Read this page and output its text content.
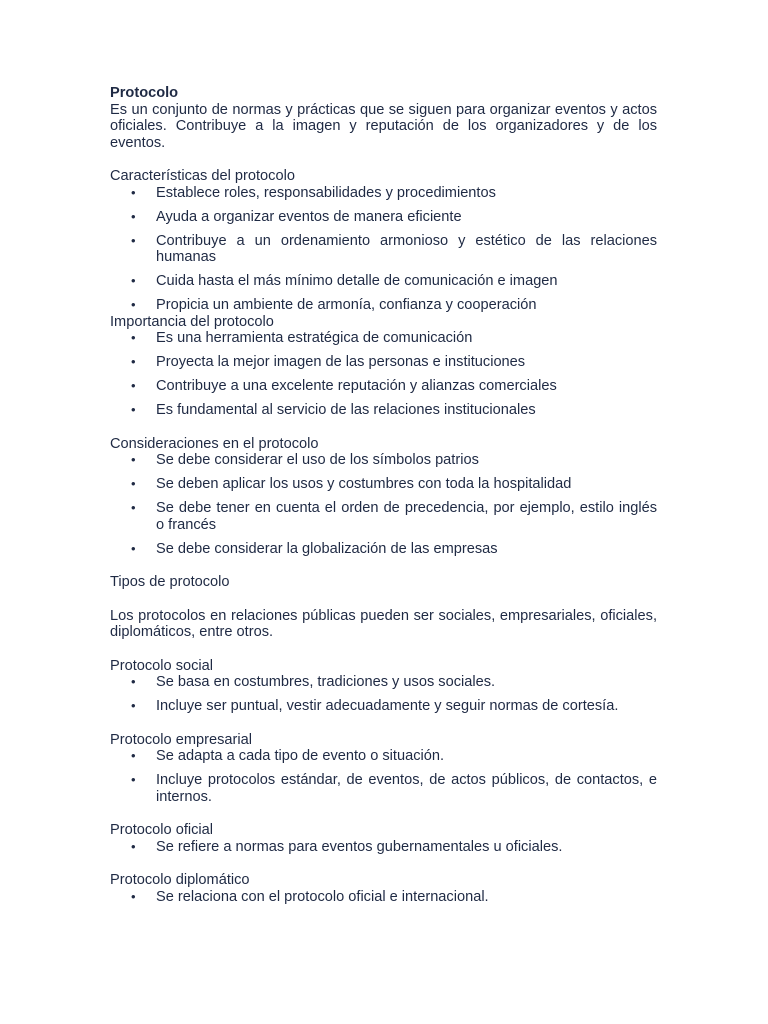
Protocolo

Es un conjunto de normas y prácticas que se siguen para organizar eventos y actos oficiales. Contribuye a la imagen y reputación de los organizadores y de los eventos.

Características del protocolo
• Establece roles, responsabilidades y procedimientos
• Ayuda a organizar eventos de manera eficiente
• Contribuye a un ordenamiento armonioso y estético de las relaciones humanas
• Cuida hasta el más mínimo detalle de comunicación e imagen
• Propicia un ambiente de armonía, confianza y cooperación
Importancia del protocolo
• Es una herramienta estratégica de comunicación
• Proyecta la mejor imagen de las personas e instituciones
• Contribuye a una excelente reputación y alianzas comerciales
• Es fundamental al servicio de las relaciones institucionales
Consideraciones en el protocolo
• Se debe considerar el uso de los símbolos patrios
• Se deben aplicar los usos y costumbres con toda la hospitalidad
• Se debe tener en cuenta el orden de precedencia, por ejemplo, estilo inglés o francés
• Se debe considerar la globalización de las empresas
Tipos de protocolo

Los protocolos en relaciones públicas pueden ser sociales, empresariales, oficiales, diplomáticos, entre otros.

Protocolo social
• Se basa en costumbres, tradiciones y usos sociales.
• Incluye ser puntual, vestir adecuadamente y seguir normas de cortesía.
Protocolo empresarial
• Se adapta a cada tipo de evento o situación.
• Incluye protocolos estándar, de eventos, de actos públicos, de contactos, e internos.
Protocolo oficial
• Se refiere a normas para eventos gubernamentales u oficiales.
Protocolo diplomático
• Se relaciona con el protocolo oficial e internacional.
